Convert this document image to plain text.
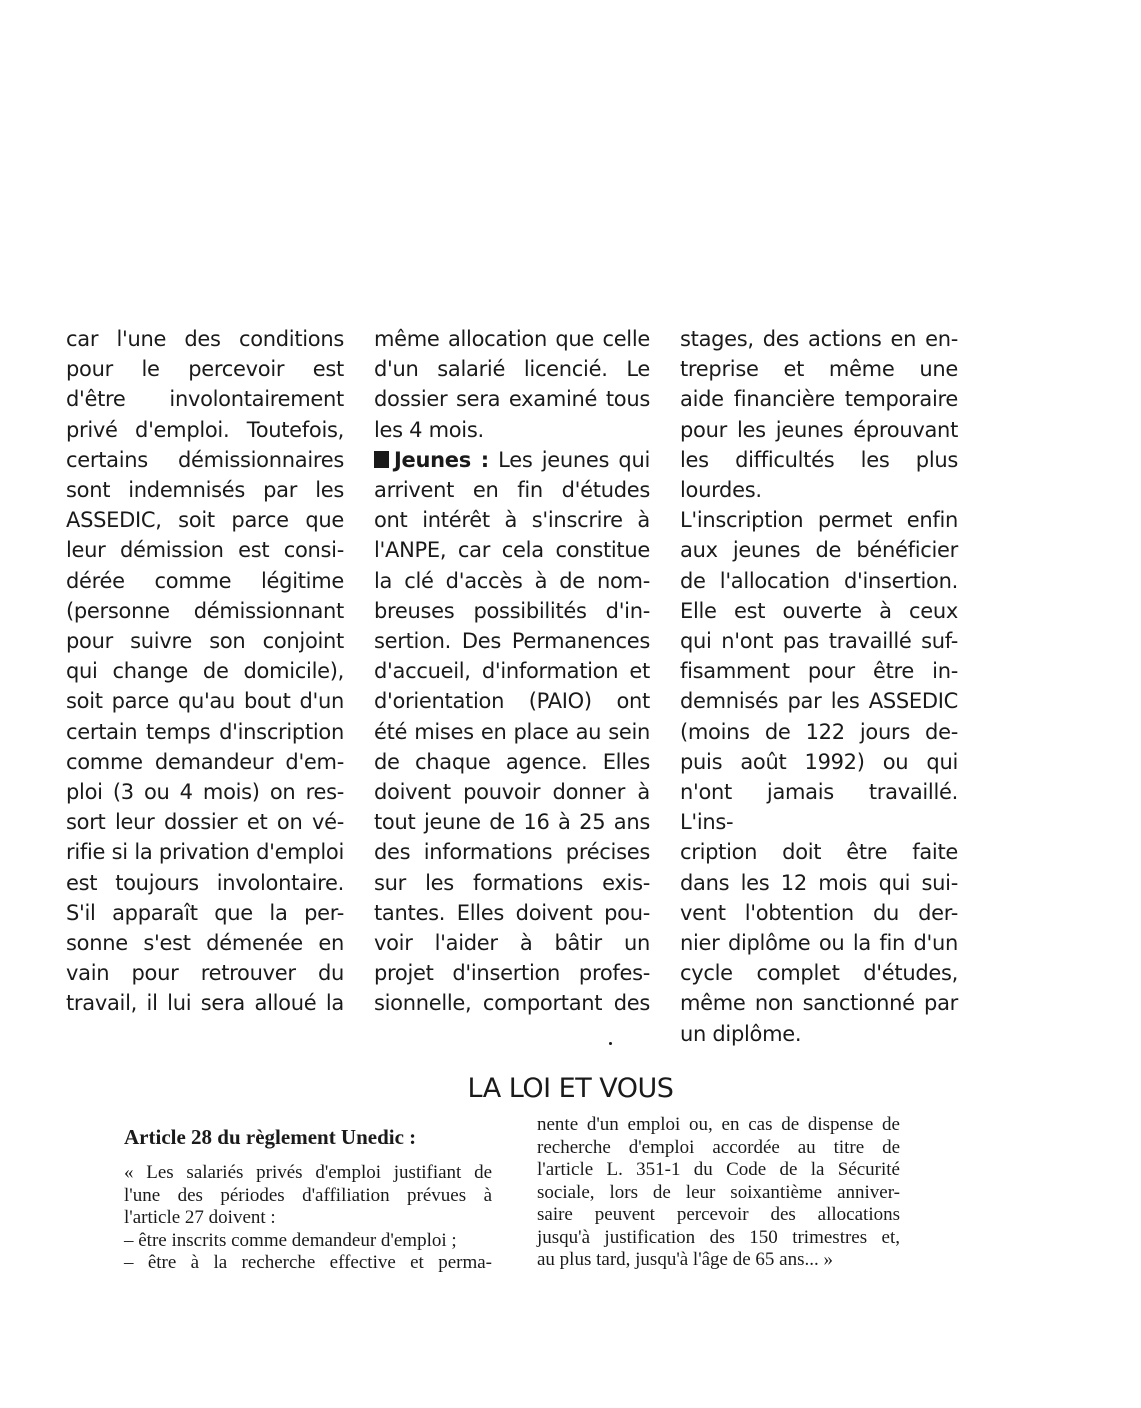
car l'une des conditions

pour le percevoir est

d'être involontairement

privé d'emploi. Toutefois,

certains démissionnaires

sont indemnisés par les

ASSEDIC, soit parce que

leur démission est consi-

dérée comme légitime

(personne démissionnant

pour suivre son conjoint

qui change de domicile),

soit parce qu'au bout d'un

certain temps d'inscription

comme demandeur d'em-

ploi (3 ou 4 mois) on res-

sort leur dossier et on vé-

rifie si la privation d'emploi

est toujours involontaire.

S'il apparaît que la per-

sonne s'est démenée en

vain pour retrouver du

travail, il lui sera alloué la

même allocation que celle

d'un salarié licencié. Le

dossier sera examiné tous

les 4 mois.

Jeunes : Les jeunes qui

arrivent en fin d'études

ont intérêt à s'inscrire à

l'ANPE, car cela constitue

la clé d'accès à de nom-

breuses possibilités d'in-

sertion. Des Permanences

d'accueil, d'information et

d'orientation (PAIO) ont

été mises en place au sein

de chaque agence. Elles

doivent pouvoir donner à

tout jeune de 16 à 25 ans

des informations précises

sur les formations exis-

tantes. Elles doivent pou-

voir l'aider à bâtir un

projet d'insertion profes-

sionnelle, comportant des

stages, des actions en en-

treprise et même une

aide financière temporaire

pour les jeunes éprouvant

les difficultés les plus

lourdes.

L'inscription permet enfin

aux jeunes de bénéficier

de l'allocation d'insertion.

Elle est ouverte à ceux

qui n'ont pas travaillé suf-

fisamment pour être in-

demnisés par les ASSEDIC

(moins de 122 jours de-

puis août 1992) ou qui

n'ont jamais travaillé. L'ins-

cription doit être faite

dans les 12 mois qui sui-

vent l'obtention du der-

nier diplôme ou la fin d'un

cycle complet d'études,

même non sanctionné par

un diplôme.

LA LOI ET VOUS
Article 28 du règlement Unedic :

« Les salariés privés d'emploi justifiant de

l'une des périodes d'affiliation prévues à

l'article 27 doivent :

– être inscrits comme demandeur d'emploi ;

– être à la recherche effective et perma-

nente d'un emploi ou, en cas de dispense de

recherche d'emploi accordée au titre de

l'article L. 351-1 du Code de la Sécurité

sociale, lors de leur soixantième anniver-

saire peuvent percevoir des allocations

jusqu'à justification des 150 trimestres et,

au plus tard, jusqu'à l'âge de 65 ans... »
